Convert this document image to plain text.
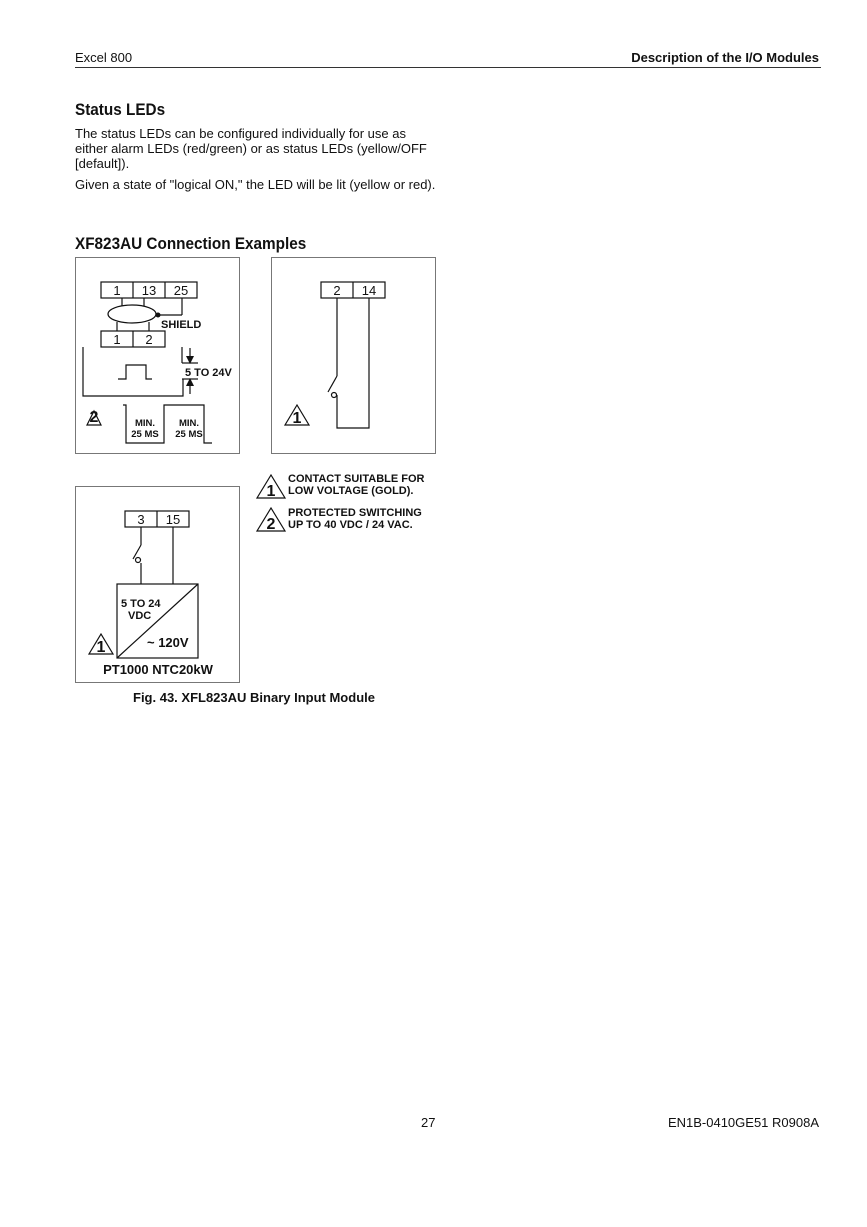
Excel 800	Description of the I/O Modules
Status LEDs
The status LEDs can be configured individually for use as either alarm LEDs (red/green) or as status LEDs (yellow/OFF [default]).
Given a state of "logical ON," the LED will be lit (yellow or red).
XF823AU Connection Examples
1 13 25
1 2
SHIELD
5 TO 24V
2	MIN.
25 MS
MIN.
25 MS
2 14
1
3 15
5 TO 24
VDC
~ 120V
1
PT1000 NTC20kW
1
2
CONTACT SUITABLE FOR
LOW VOLTAGE (GOLD).
PROTECTED SWITCHING
UP TO 40 VDC / 24 VAC.
Fig. 43. XFL823AU Binary Input Module
27	EN1B-0410GE51 R0908A
